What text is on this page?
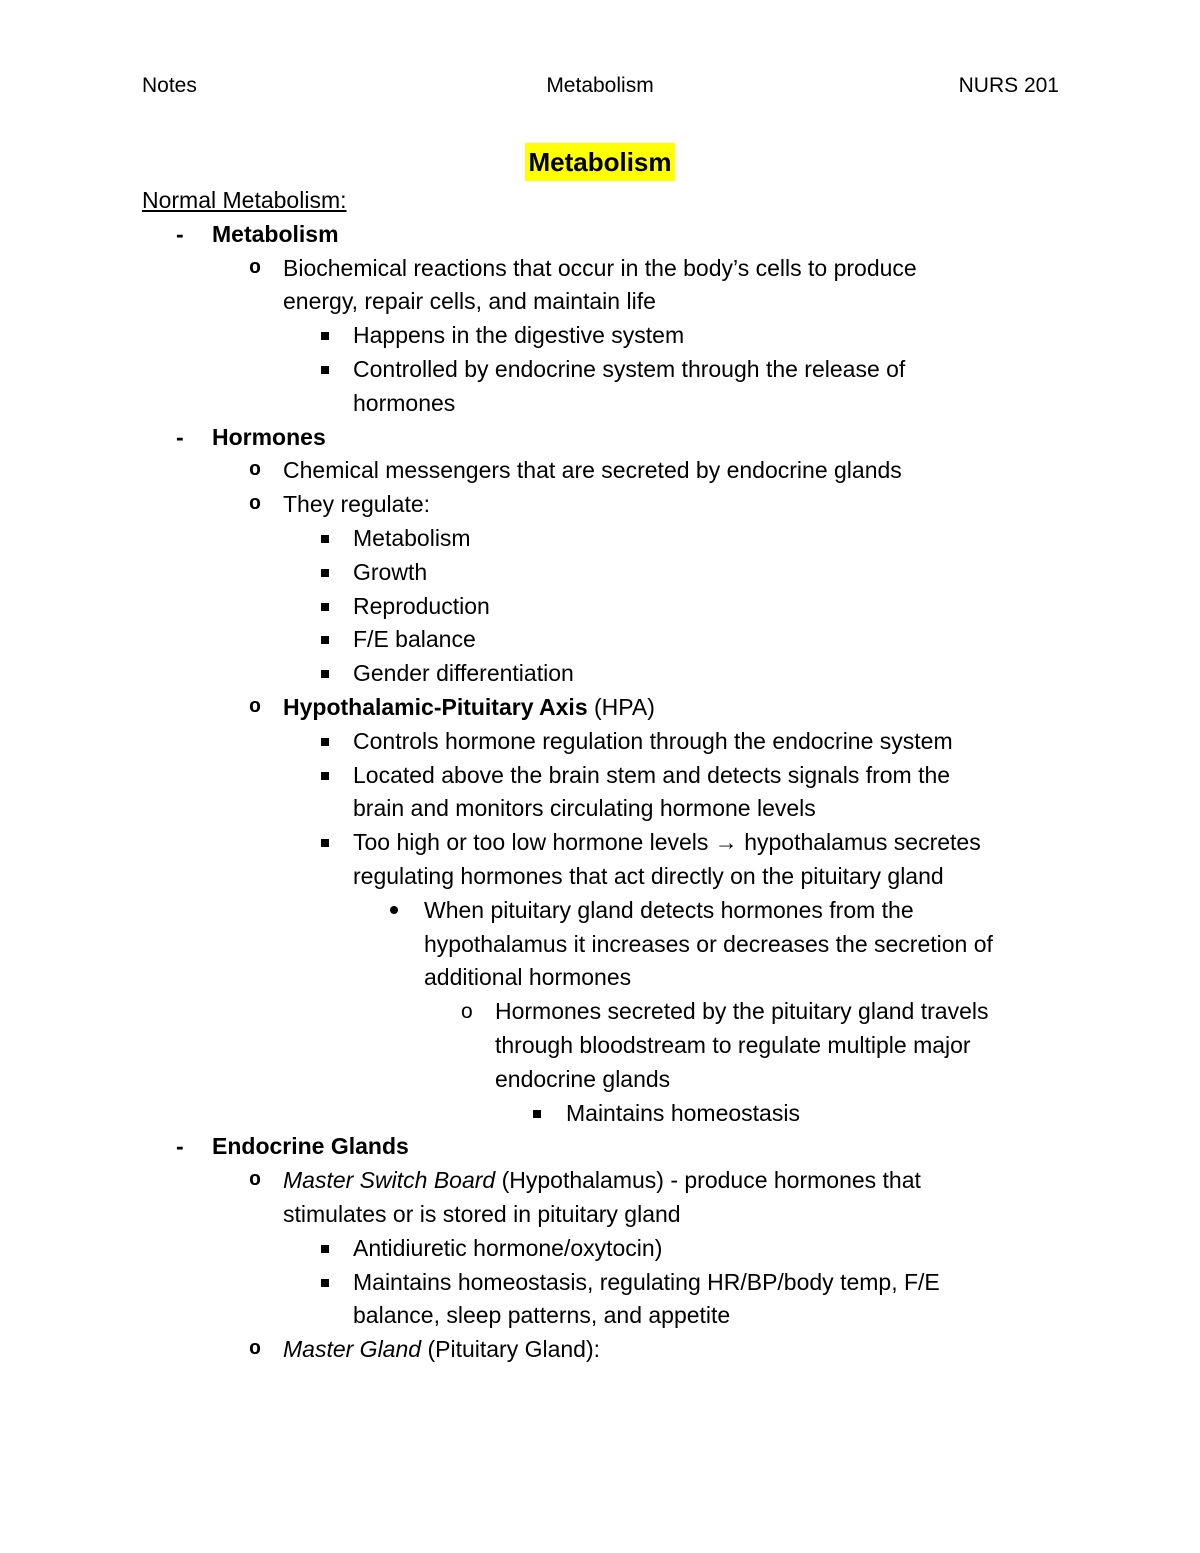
Notes	Metabolism	NURS 201
Metabolism
Normal Metabolism:
- Metabolism
o Biochemical reactions that occur in the body’s cells to produce
energy, repair cells, and maintain life
Happens in the digestive system
Controlled by endocrine system through the release of
hormones
- Hormones
o Chemical messengers that are secreted by endocrine glands
o They regulate:
Metabolism
Growth
Reproduction
F/E balance
Gender differentiation
o Hypothalamic-Pituitary Axis (HPA)
Controls hormone regulation through the endocrine system
Located above the brain stem and detects signals from the
brain and monitors circulating hormone levels
Too high or too low hormone levels → hypothalamus secretes
regulating hormones that act directly on the pituitary gland
When pituitary gland detects hormones from the
hypothalamus it increases or decreases the secretion of
additional hormones
o Hormones secreted by the pituitary gland travels
through bloodstream to regulate multiple major
endocrine glands
Maintains homeostasis
- Endocrine Glands
o Master Switch Board (Hypothalamus) - produce hormones that
stimulates or is stored in pituitary gland
Antidiuretic hormone/oxytocin)
Maintains homeostasis, regulating HR/BP/body temp, F/E
balance, sleep patterns, and appetite
o Master Gland (Pituitary Gland):
